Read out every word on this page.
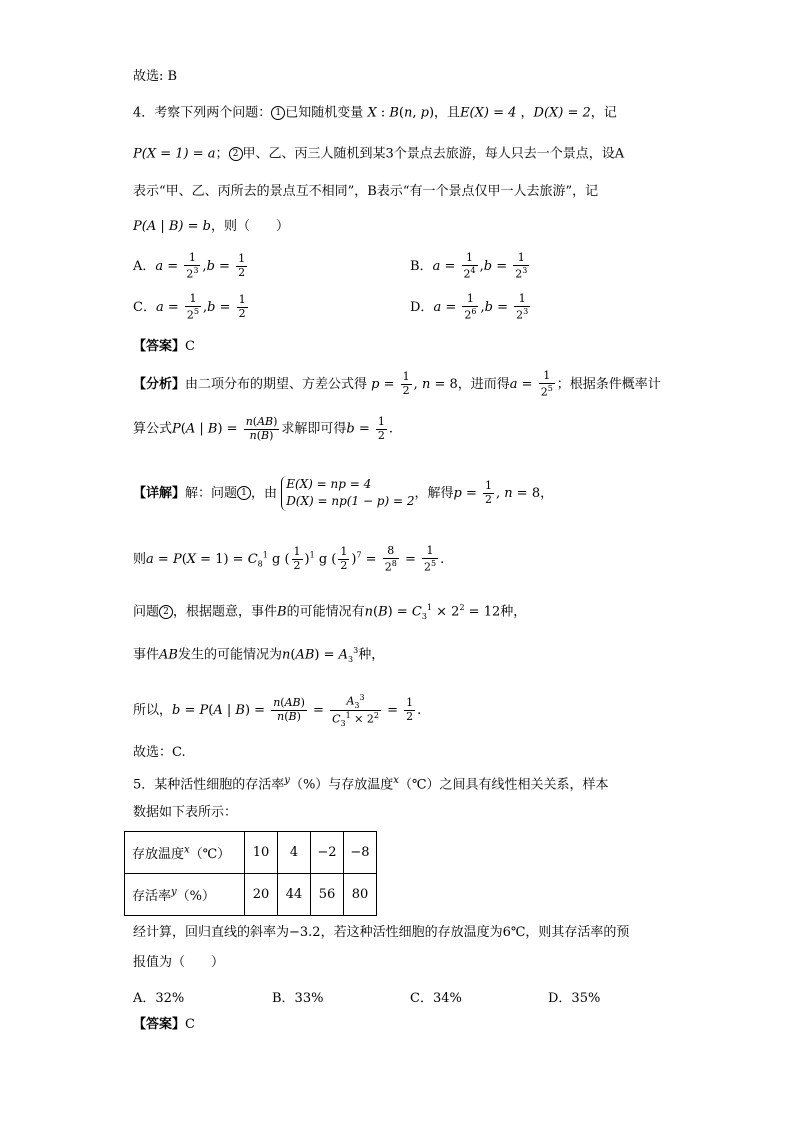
故选: B
4．考察下列两个问题： 1 已知随机变量 X : B(n, p)，且E(X) = 4 ，D(X) = 2，记
P(X = 1) = a； 2 甲、乙、丙三人随机到某3个景点去旅游，每人只去一个景点，设A
表示“甲、乙、丙所去的景点互不相同”，B表示“有一个景点仅甲一人去旅游”，记
P(A | B) = b，则（　　）
A．$a = \frac{1}{2^3} ,b = \frac{1}{2}$	B．$a = \frac{1}{2^4} ,b = \frac{1}{2^3}$
C．$a = \frac{1}{2^5} ,b = \frac{1}{2}$	D．$a = \frac{1}{2^6} ,b = \frac{1}{2^3}$
【答案】C
【分析】由二项分布的期望、方差公式得 $p = \frac{1}{2}$ , n = 8，进而得$a = \frac{1}{2^5}$ ；根据条件概率计
算公式P(A | $B) = \frac{n(AB)}{n(B)}$ 求解即可得$b = \frac{1}{2}$ .
【详解】解：问题 1 ，由
E(X) = np = 4
D(X) = np(1 − p) = 2
，解得$p = \frac{1}{2}$ , n = 8，
则$a = P(X = 1) = C_8^1$ g ( $\frac{1}{2} )^1$ g ( $\frac{1}{2} )^7 = \frac{8}{2^8} = \frac{1}{2^5}$ .
问题 2 ，根据题意，事件B的可能情况有$n(B) = C_3^1 \times 2^2 = 12$种，
事件AB发生的可能情况为$n(AB) = A_3^3$种，
所以，b = P(A | $B) = \frac{n(AB)}{n(B)} = \frac{A_3^3}{C_3^1 \times 2^2} = \frac{1}{2}$ .
故选：C.
5．某种活性细胞的存活率$^y$（%）与存放温度$^x$（℃）之间具有线性相关关系，样本
数据如下表所示：
存放温度$^x$（℃）	10	4	−2	−8
存活率$^y$（%）	20	44	56	80
经计算，回归直线的斜率为−3.2，若这种活性细胞的存放温度为6℃，则其存活率的预
报值为（　　）
A．32%	B．33%	C．34%	D．35%
【答案】C
